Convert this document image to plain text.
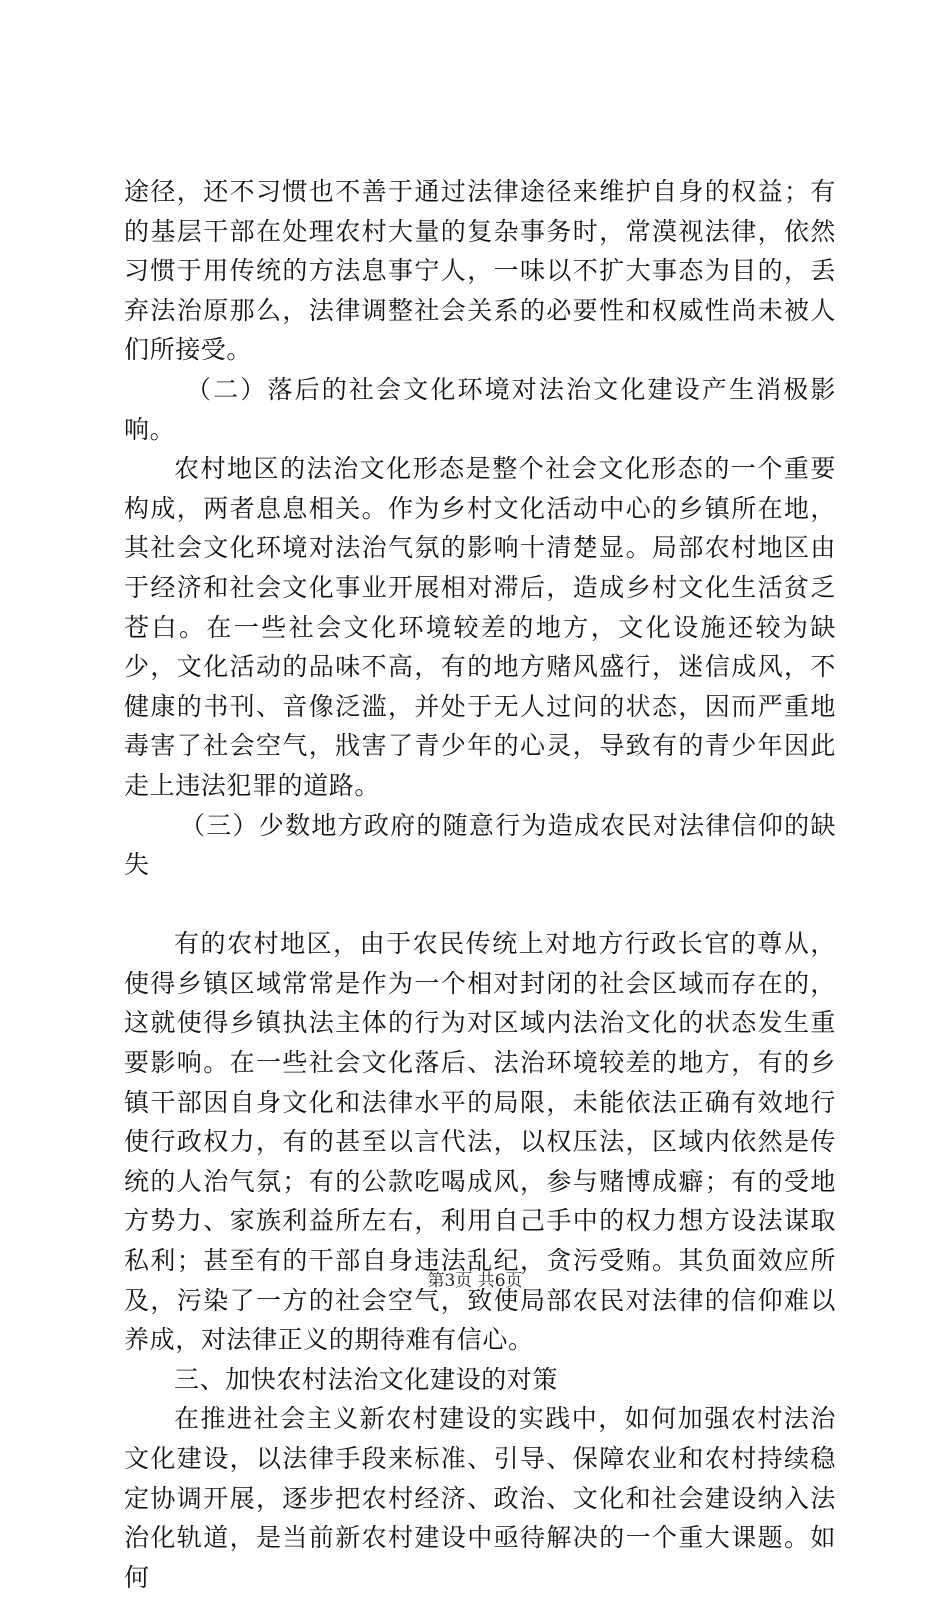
途径，还不习惯也不善于通过法律途径来维护自身的权益；有的基层干部在处理农村大量的复杂事务时，常漠视法律，依然习惯于用传统的方法息事宁人，一味以不扩大事态为目的，丢弃法治原那么，法律调整社会关系的必要性和权威性尚未被人们所接受。

（二）落后的社会文化环境对法治文化建设产生消极影响。

农村地区的法治文化形态是整个社会文化形态的一个重要构成，两者息息相关。作为乡村文化活动中心的乡镇所在地，其社会文化环境对法治气氛的影响十清楚显。局部农村地区由于经济和社会文化事业开展相对滞后，造成乡村文化生活贫乏苍白。在一些社会文化环境较差的地方，文化设施还较为缺少，文化活动的品味不高，有的地方赌风盛行，迷信成风，不健康的书刊、音像泛滥，并处于无人过问的状态，因而严重地毒害了社会空气，戕害了青少年的心灵，导致有的青少年因此走上违法犯罪的道路。

（三）少数地方政府的随意行为造成农民对法律信仰的缺失

有的农村地区，由于农民传统上对地方行政长官的尊从，使得乡镇区域常常是作为一个相对封闭的社会区域而存在的，这就使得乡镇执法主体的行为对区域内法治文化的状态发生重要影响。在一些社会文化落后、法治环境较差的地方，有的乡镇干部因自身文化和法律水平的局限，未能依法正确有效地行使行政权力，有的甚至以言代法，以权压法，区域内依然是传统的人治气氛；有的公款吃喝成风，参与赌博成癖；有的受地方势力、家族利益所左右，利用自己手中的权力想方设法谋取私利；甚至有的干部自身违法乱纪，贪污受贿。其负面效应所及，污染了一方的社会空气，致使局部农民对法律的信仰难以养成，对法律正义的期待难有信心。

三、加快农村法治文化建设的对策

在推进社会主义新农村建设的实践中，如何加强农村法治文化建设，以法律手段来标准、引导、保障农业和农村持续稳定协调开展，逐步把农村经济、政治、文化和社会建设纳入法治化轨道，是当前新农村建设中亟待解决的一个重大课题。如何

第3页 共6页
